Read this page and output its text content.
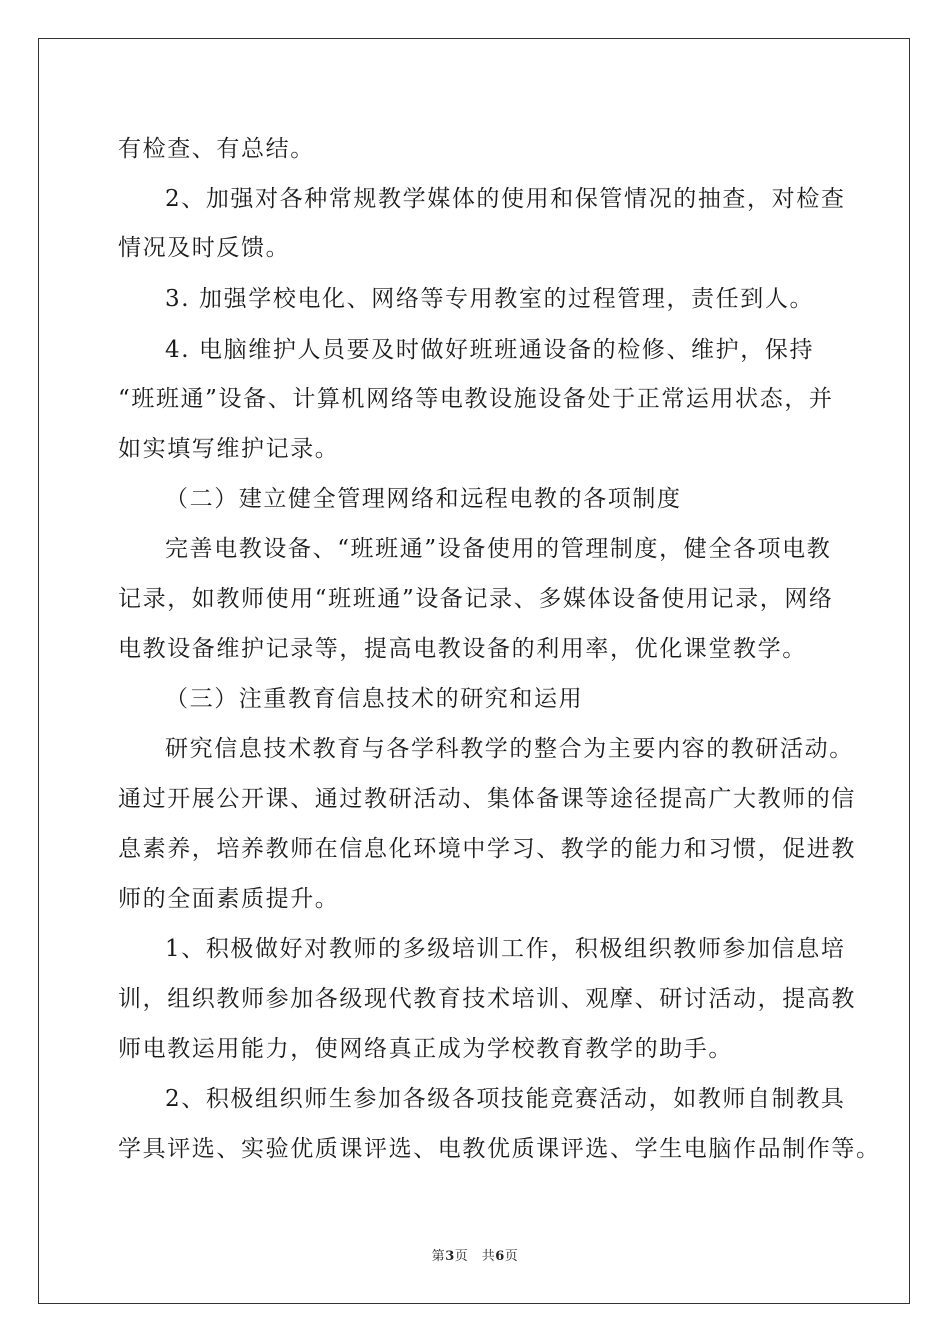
有检查、有总结。
2、加强对各种常规教学媒体的使用和保管情况的抽查，对检查
情况及时反馈。
3. 加强学校电化、网络等专用教室的过程管理，责任到人。
4. 电脑维护人员要及时做好班班通设备的检修、维护，保持
“班班通”设备、计算机网络等电教设施设备处于正常运用状态，并
如实填写维护记录。
（二）建立健全管理网络和远程电教的各项制度
完善电教设备、“班班通”设备使用的管理制度，健全各项电教
记录，如教师使用“班班通”设备记录、多媒体设备使用记录，网络
电教设备维护记录等，提高电教设备的利用率，优化课堂教学。
（三）注重教育信息技术的研究和运用
研究信息技术教育与各学科教学的整合为主要内容的教研活动。
通过开展公开课、通过教研活动、集体备课等途径提高广大教师的信
息素养，培养教师在信息化环境中学习、教学的能力和习惯，促进教
师的全面素质提升。
1、积极做好对教师的多级培训工作，积极组织教师参加信息培
训，组织教师参加各级现代教育技术培训、观摩、研讨活动，提高教
师电教运用能力，使网络真正成为学校教育教学的助手。
2、积极组织师生参加各级各项技能竞赛活动，如教师自制教具
学具评选、实验优质课评选、电教优质课评选、学生电脑作品制作等。
第3页　共6页
